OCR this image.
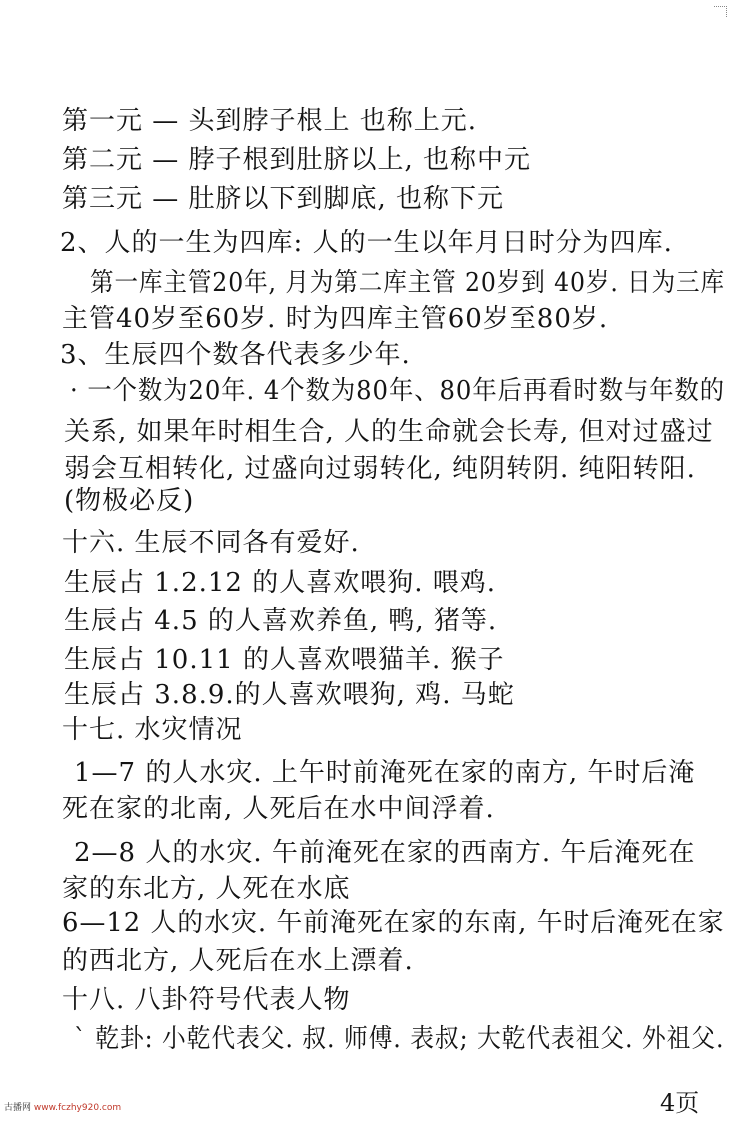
第一元 — 头到脖子根上 也称上元.
第二元 — 脖子根到肚脐以上, 也称中元
第三元 — 肚脐以下到脚底, 也称下元
2、人的一生为四库: 人的一生以年月日时分为四库.
第一库主管20年, 月为第二库主管 20岁到 40岁. 日为三库
主管40岁至60岁. 时为四库主管60岁至80岁.
3、生辰四个数各代表多少年.
· 一个数为20年. 4个数为80年、80年后再看时数与年数的
关系, 如果年时相生合, 人的生命就会长寿, 但对过盛过
弱会互相转化, 过盛向过弱转化, 纯阴转阴. 纯阳转阳.
(物极必反)
十六. 生辰不同各有爱好.
生辰占 1.2.12 的人喜欢喂狗. 喂鸡.
生辰占 4.5 的人喜欢养鱼, 鸭, 猪等.
生辰占 10.11 的人喜欢喂猫羊. 猴子
生辰占 3.8.9.的人喜欢喂狗, 鸡. 马蛇
十七. 水灾情况
1—7 的人水灾. 上午时前淹死在家的南方, 午时后淹
死在家的北南, 人死后在水中间浮着.
2—8 人的水灾. 午前淹死在家的西南方. 午后淹死在
家的东北方, 人死在水底
6—12 人的水灾. 午前淹死在家的东南, 午时后淹死在家
的西北方, 人死后在水上漂着.
十八. 八卦符号代表人物
` 乾卦: 小乾代表父. 叔. 师傅. 表叔; 大乾代表祖父. 外祖父.
古播网 www.fczhy920.com	4页
